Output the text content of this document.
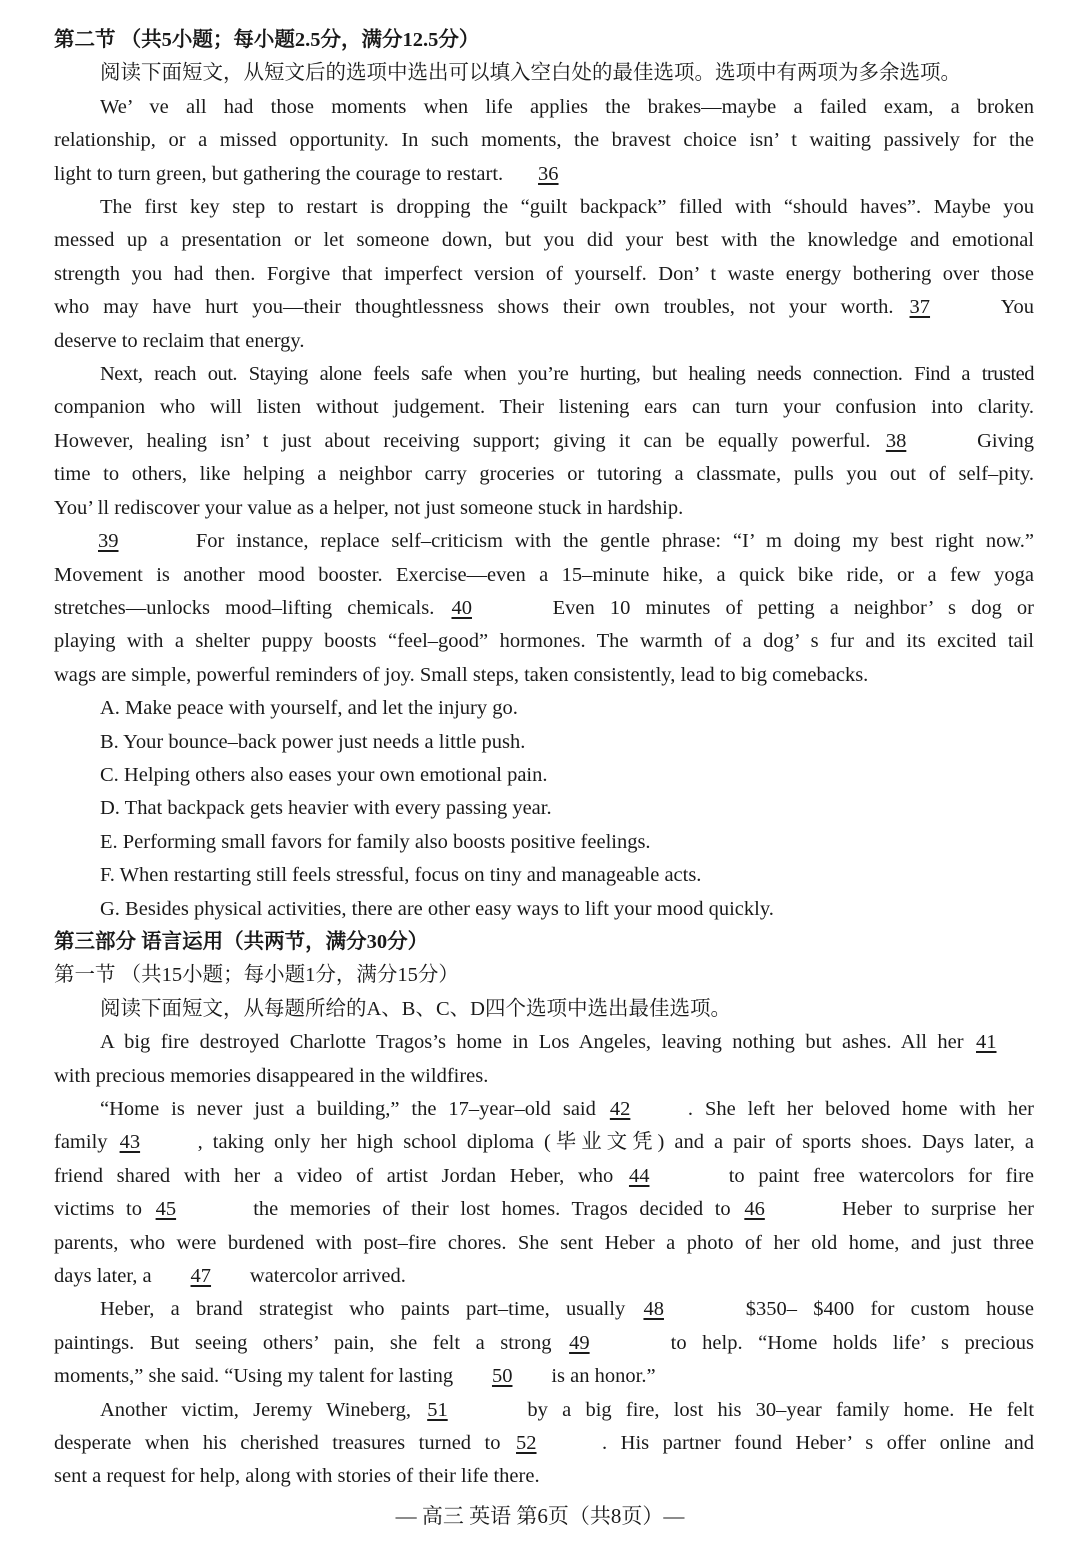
第二节 （共5小题；每小题2.5分，满分12.5分）
阅读下面短文，从短文后的选项中选出可以填入空白处的最佳选项。选项中有两项为多余选项。
We’ ve all had those moments when life applies the brakes—maybe a failed exam, a broken
relationship, or a missed opportunity. In such moments, the bravest choice isn’ t waiting passively for the
light to turn green, but gathering the courage to restart. 36
The first key step to restart is dropping the “guilt backpack” filled with “should haves”. Maybe you
messed up a presentation or let someone down, but you did your best with the knowledge and emotional
strength you had then. Forgive that imperfect version of yourself. Don’ t waste energy bothering over those
who may have hurt you—their thoughtlessness shows their own troubles, not your worth. 37	You
deserve to reclaim that energy.
Next, reach out. Staying alone feels safe when you’re hurting, but healing needs connection. Find a trusted
companion who will listen without judgement. Their listening ears can turn your confusion into clarity.
However, healing isn’ t just about receiving support; giving it can be equally powerful. 38	Giving
time to others, like helping a neighbor carry groceries or tutoring a classmate, pulls you out of self–pity.
You’ ll rediscover your value as a helper, not just someone stuck in hardship.
39	For instance, replace self–criticism with the gentle phrase: “I’ m doing my best right now.”
Movement is another mood booster. Exercise—even a 15–minute hike, a quick bike ride, or a few yoga
stretches—unlocks mood–lifting chemicals. 40	Even 10 minutes of petting a neighbor’ s dog or
playing with a shelter puppy boosts “feel–good” hormones. The warmth of a dog’ s fur and its excited tail
wags are simple, powerful reminders of joy. Small steps, taken consistently, lead to big comebacks.
A. Make peace with yourself, and let the injury go.
B. Your bounce–back power just needs a little push.
C. Helping others also eases your own emotional pain.
D. That backpack gets heavier with every passing year.
E. Performing small favors for family also boosts positive feelings.
F. When restarting still feels stressful, focus on tiny and manageable acts.
G. Besides physical activities, there are other easy ways to lift your mood quickly.
第三部分 语言运用（共两节，满分30分）
第一节 （共15小题；每小题1分，满分15分）
阅读下面短文，从每题所给的A、B、C、D四个选项中选出最佳选项。
A big fire destroyed Charlotte Tragos’s home in Los Angeles, leaving nothing but ashes. All her 41
with precious memories disappeared in the wildfires.
“Home is never just a building,” the 17–year–old said 42	. She left her beloved home with her
family 43	, taking only her high school diploma (毕业文凭) and a pair of sports shoes. Days later, a
friend shared with her a video of artist Jordan Heber, who 44	to paint free watercolors for fire
victims to 45	the memories of their lost homes. Tragos decided to 46	Heber to surprise her
parents, who were burdened with post–fire chores. She sent Heber a photo of her old home, and just three
days later, a 47 watercolor arrived.
Heber, a brand strategist who paints part–time, usually 48	$350– $400 for custom house
paintings. But seeing others’ pain, she felt a strong 49	to help. “Home holds life’ s precious
moments,” she said. “Using my talent for lasting 50 is an honor.”
Another victim, Jeremy Wineberg, 51	by a big fire, lost his 30–year family home. He felt
desperate when his cherished treasures turned to 52	. His partner found Heber’ s offer online and
sent a request for help, along with stories of their life there.
— 高三 英语 第6页（共8页）—
